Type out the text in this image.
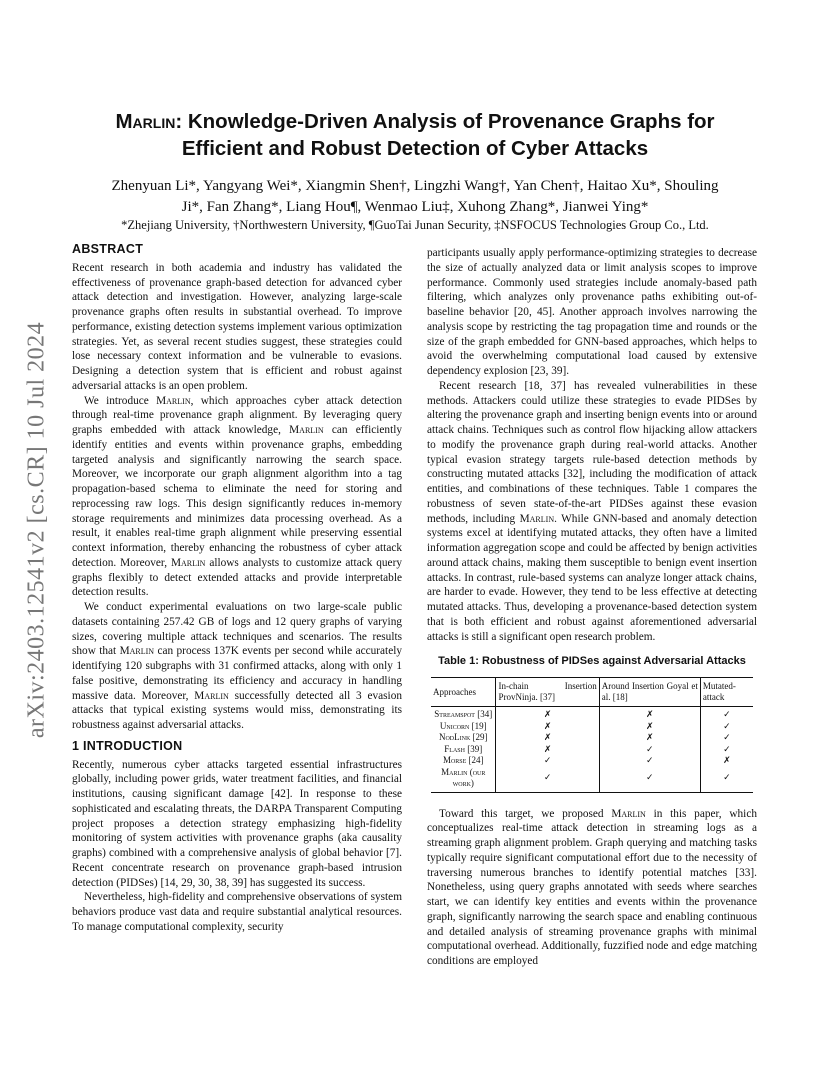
arXiv:2403.12541v2 [cs.CR] 10 Jul 2024
Marlin: Knowledge-Driven Analysis of Provenance Graphs for
Efficient and Robust Detection of Cyber Attacks
Zhenyuan Li*, Yangyang Wei*, Xiangmin Shen†, Lingzhi Wang†, Yan Chen†, Haitao Xu*, Shouling
Ji*, Fan Zhang*, Liang Hou¶, Wenmao Liu‡, Xuhong Zhang*, Jianwei Ying*
*Zhejiang University, †Northwestern University, ¶GuoTai Junan Security, ‡NSFOCUS Technologies Group Co., Ltd.
ABSTRACT

Recent research in both academia and industry has validated the effectiveness of provenance graph-based detection for advanced cyber attack detection and investigation. However, analyzing large-scale provenance graphs often results in substantial overhead. To improve performance, existing detection systems implement various optimization strategies. Yet, as several recent studies suggest, these strategies could lose necessary context information and be vulnerable to evasions. Designing a detection system that is efficient and robust against adversarial attacks is an open problem.

We introduce Marlin, which approaches cyber attack detection through real-time provenance graph alignment. By leveraging query graphs embedded with attack knowledge, Marlin can efficiently identify entities and events within provenance graphs, embedding targeted analysis and significantly narrowing the search space. Moreover, we incorporate our graph alignment algorithm into a tag propagation-based schema to eliminate the need for storing and reprocessing raw logs. This design significantly reduces in-memory storage requirements and minimizes data processing overhead. As a result, it enables real-time graph alignment while preserving essential context information, thereby enhancing the robustness of cyber attack detection. Moreover, Marlin allows analysts to customize attack query graphs flexibly to detect extended attacks and provide interpretable detection results.

We conduct experimental evaluations on two large-scale public datasets containing 257.42 GB of logs and 12 query graphs of varying sizes, covering multiple attack techniques and scenarios. The results show that Marlin can process 137K events per second while accurately identifying 120 subgraphs with 31 confirmed attacks, along with only 1 false positive, demonstrating its efficiency and accuracy in handling massive data. Moreover, Marlin successfully detected all 3 evasion attacks that typical existing systems would miss, demonstrating its robustness against adversarial attacks.

1 INTRODUCTION

Recently, numerous cyber attacks targeted essential infrastructures globally, including power grids, water treatment facilities, and financial institutions, causing significant damage [42]. In response to these sophisticated and escalating threats, the DARPA Transparent Computing project proposes a detection strategy emphasizing high-fidelity monitoring of system activities with provenance graphs (aka causality graphs) combined with a comprehensive analysis of global behavior [7]. Recent concentrate research on provenance graph-based intrusion detection (PIDSes) [14, 29, 30, 38, 39] has suggested its success.

Nevertheless, high-fidelity and comprehensive observations of system behaviors produce vast data and require substantial analytical resources. To manage computational complexity, security

participants usually apply performance-optimizing strategies to decrease the size of actually analyzed data or limit analysis scopes to improve performance. Commonly used strategies include anomaly-based path filtering, which analyzes only provenance paths exhibiting out-of-baseline behavior [20, 45]. Another approach involves narrowing the analysis scope by restricting the tag propagation time and rounds or the size of the graph embedded for GNN-based approaches, which helps to avoid the overwhelming computational load caused by extensive dependency explosion [23, 39].

Recent research [18, 37] has revealed vulnerabilities in these methods. Attackers could utilize these strategies to evade PIDSes by altering the provenance graph and inserting benign events into or around attack chains. Techniques such as control flow hijacking allow attackers to modify the provenance graph during real-world attacks. Another typical evasion strategy targets rule-based detection methods by constructing mutated attacks [32], including the modification of attack entities, and combinations of these techniques. Table 1 compares the robustness of seven state-of-the-art PIDSes against these evasion methods, including Marlin. While GNN-based and anomaly detection systems excel at identifying mutated attacks, they often have a limited information aggregation scope and could be affected by benign activities around attack chains, making them susceptible to benign event insertion attacks. In contrast, rule-based systems can analyze longer attack chains, are harder to evade. However, they tend to be less effective at detecting mutated attacks. Thus, developing a provenance-based detection system that is both efficient and robust against aforementioned adversarial attacks is still a significant open research problem.

Table 1: Robustness of PIDSes against Adversarial Attacks
Approaches	In-chain Insertion ProvNinja. [37]	Around Insertion Goyal et al. [18]	Mutated-attack
Streamspot [34]	✗	✗	✓
Unicorn [19]	✗	✗	✓
NodLink [29]	✗	✗	✓
Flash [39]	✗	✓	✓
Morse [24]	✓	✓	✗
Marlin (our work)	✓	✓	✓

Toward this target, we proposed Marlin in this paper, which conceptualizes real-time attack detection in streaming logs as a streaming graph alignment problem. Graph querying and matching tasks typically require significant computational effort due to the necessity of traversing numerous branches to identify potential matches [33]. Nonetheless, using query graphs annotated with seeds where searches start, we can identify key entities and events within the provenance graph, significantly narrowing the search space and enabling continuous and detailed analysis of streaming provenance graphs with minimal computational overhead. Additionally, fuzzified node and edge matching conditions are employed
